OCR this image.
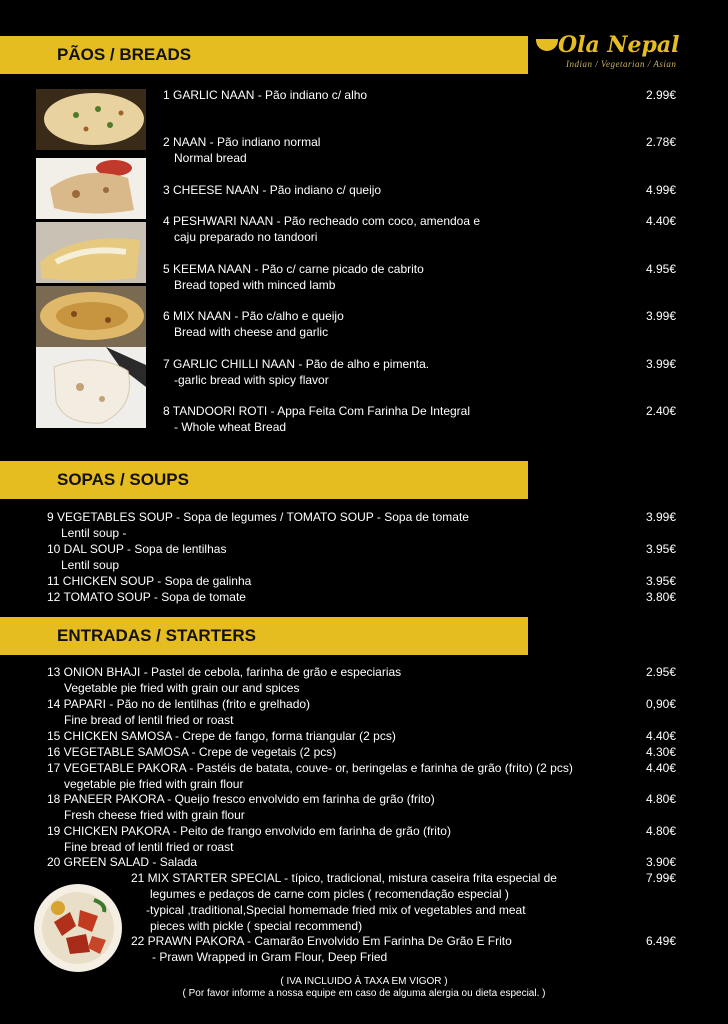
PÃOS / BREADS
SOPAS / SOUPS
ENTRADAS / STARTERS
Ola Nepal
Indian / Vegetarian / Asian
1 GARLIC NAAN - Pão indiano c/ alho	2.99€
2 NAAN - Pão indiano normal
Normal bread
2.78€
3 CHEESE NAAN - Pão indiano c/ queijo	4.99€
4 PESHWARI NAAN - Pão recheado com coco, amendoa e
caju preparado no tandoori
4.40€
5 KEEMA NAAN - Pão c/ carne picado de cabrito
Bread toped with minced lamb
4.95€
6 MIX NAAN - Pão c/alho e queijo
Bread with cheese and garlic
3.99€
7 GARLIC CHILLI NAAN - Pão de alho e pimenta.
-garlic bread with spicy flavor
3.99€
8 TANDOORI ROTI - Appa Feita Com Farinha De Integral
- Whole wheat Bread
2.40€
9 VEGETABLES SOUP - Sopa de legumes / TOMATO SOUP - Sopa de tomate
Lentil soup -
3.99€
10 DAL SOUP - Sopa de lentilhas
Lentil soup
3.95€
11 CHICKEN SOUP - Sopa de galinha	3.95€
12 TOMATO SOUP - Sopa de tomate	3.80€
13 ONION BHAJI - Pastel de cebola, farinha de grão e especiarias
Vegetable pie fried with grain our and spices
2.95€
14 PAPARI - Pão no de lentilhas (frito e grelhado)
Fine bread of lentil fried or roast
0,90€
15 CHICKEN SAMOSA - Crepe de fango, forma triangular (2 pcs)	4.40€
16 VEGETABLE SAMOSA - Crepe de vegetais (2 pcs)	4.30€
17 VEGETABLE PAKORA - Pastéis de batata, couve- or, beringelas e farinha de grão (frito) (2 pcs)
vegetable pie fried with grain flour
4.40€
18 PANEER PAKORA - Queijo fresco envolvido em farinha de grão (frito)
Fresh cheese fried with grain flour
4.80€
19 CHICKEN PAKORA - Peito de frango envolvido em farinha de grão (frito)
Fine bread of lentil fried or roast
4.80€
20 GREEN SALAD - Salada	3.90€
21 MIX STARTER SPECIAL - típico, tradicional, mistura caseira frita especial de
legumes e pedaços de carne com picles ( recomendação especial )
-typical ,traditional,Special homemade fried mix of vegetables and meat
pieces with pickle ( special recommend)
7.99€
22 PRAWN PAKORA - Camarão Envolvido Em Farinha De Grão E Frito
- Prawn Wrapped in Gram Flour, Deep Fried
6.49€
( IVA INCLUIDO À TAXA EM VIGOR )
( Por favor informe a nossa equipe em caso de alguma alergia ou dieta especial. )
